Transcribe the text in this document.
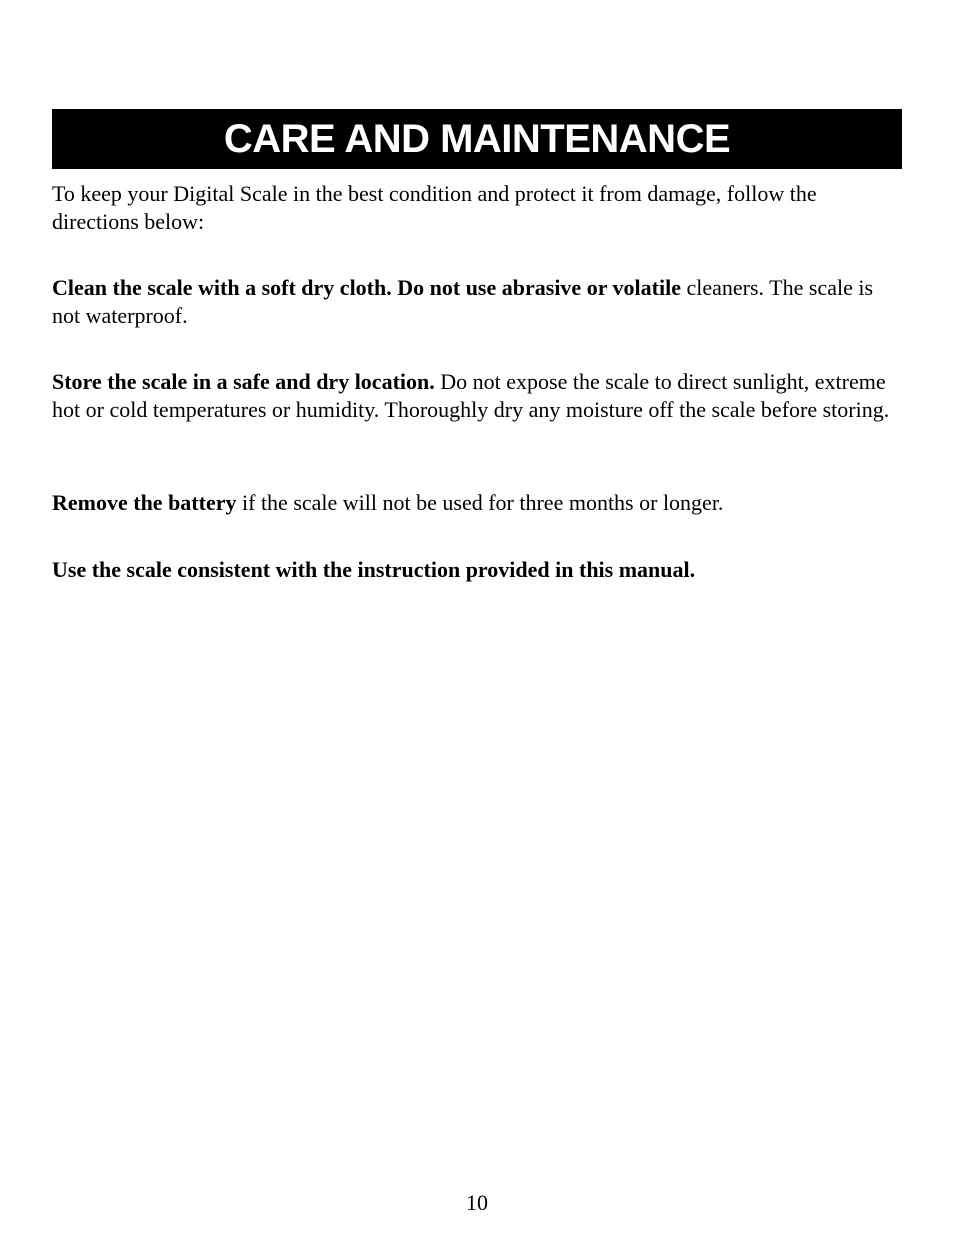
CARE AND MAINTENANCE

To keep your Digital Scale in the best condition and protect it from damage, follow the directions below:

Clean the scale with a soft dry cloth. Do not use abrasive or volatile cleaners. The scale is not waterproof.

Store the scale in a safe and dry location. Do not expose the scale to direct sunlight, extreme hot or cold temperatures or humidity. Thoroughly dry any moisture off the scale before storing.

Remove the battery if the scale will not be used for three months or longer.

Use the scale consistent with the instruction provided in this manual.

10
